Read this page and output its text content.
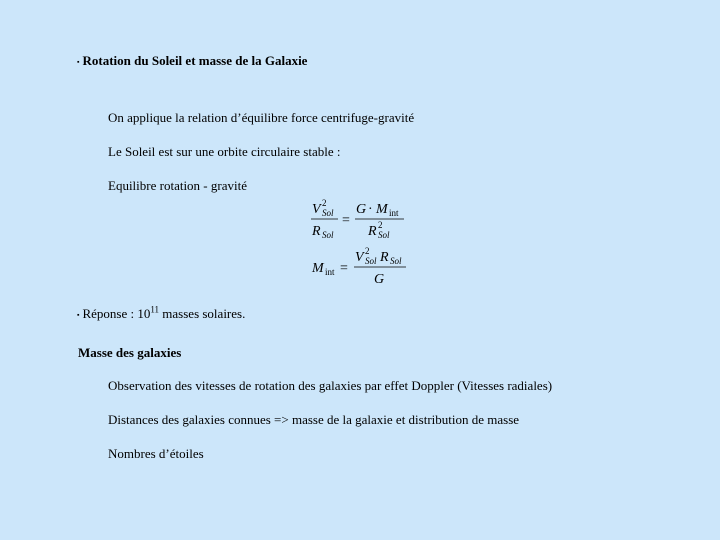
▪ Rotation du Soleil et masse de la Galaxie
On applique la relation d’équilibre force centrifuge-gravité
Le Soleil est sur une orbite circulaire stable :
Equilibre rotation - gravité
V 2
Sol
R Sol
=
G · M int
R 2
Sol
M int =
V 2
Sol R Sol
G
▪ Réponse : $10^{11}$ masses solaires.
Masse des galaxies
Observation des vitesses de rotation des galaxies par effet Doppler (Vitesses radiales)
Distances des galaxies connues => masse de la galaxie et distribution de masse
Nombres d’étoiles
